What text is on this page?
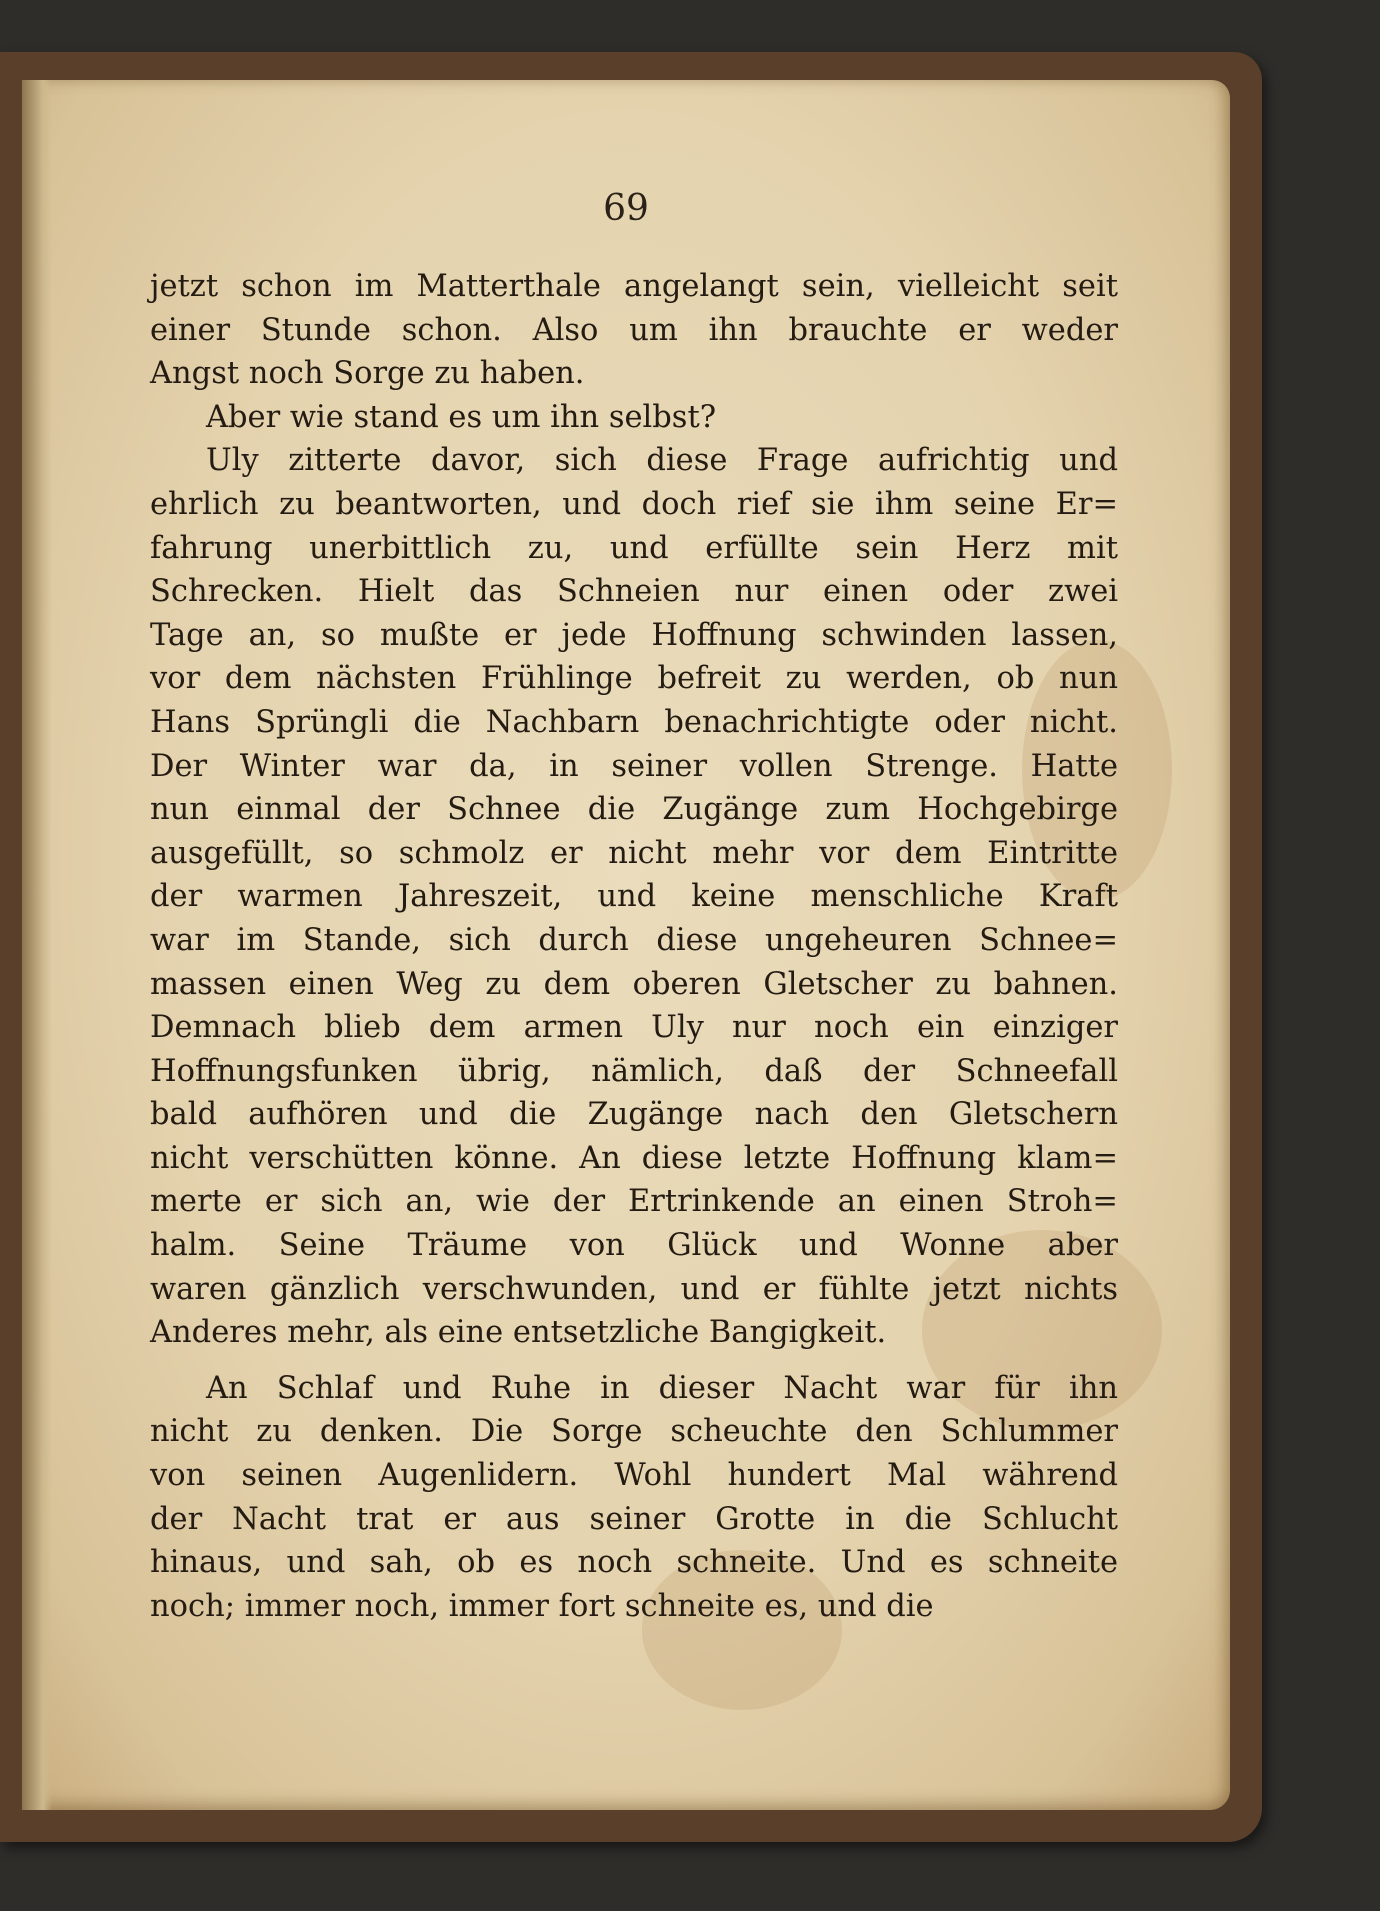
69
jetzt schon im Matterthale angelangt sein, vielleicht seit
einer Stunde schon. Also um ihn brauchte er weder
Angst noch Sorge zu haben.
Aber wie stand es um ihn selbst?
Uly zitterte davor, sich diese Frage aufrichtig und
ehrlich zu beantworten, und doch rief sie ihm seine Er=
fahrung unerbittlich zu, und erfüllte sein Herz mit
Schrecken. Hielt das Schneien nur einen oder zwei
Tage an, so mußte er jede Hoffnung schwinden lassen,
vor dem nächsten Frühlinge befreit zu werden, ob nun
Hans Sprüngli die Nachbarn benachrichtigte oder nicht.
Der Winter war da, in seiner vollen Strenge. Hatte
nun einmal der Schnee die Zugänge zum Hochgebirge
ausgefüllt, so schmolz er nicht mehr vor dem Eintritte
der warmen Jahreszeit, und keine menschliche Kraft
war im Stande, sich durch diese ungeheuren Schnee=
massen einen Weg zu dem oberen Gletscher zu bahnen.
Demnach blieb dem armen Uly nur noch ein einziger
Hoffnungsfunken übrig, nämlich, daß der Schneefall
bald aufhören und die Zugänge nach den Gletschern
nicht verschütten könne. An diese letzte Hoffnung klam=
merte er sich an, wie der Ertrinkende an einen Stroh=
halm. Seine Träume von Glück und Wonne aber
waren gänzlich verschwunden, und er fühlte jetzt nichts
Anderes mehr, als eine entsetzliche Bangigkeit.
An Schlaf und Ruhe in dieser Nacht war für ihn
nicht zu denken. Die Sorge scheuchte den Schlummer
von seinen Augenlidern. Wohl hundert Mal während
der Nacht trat er aus seiner Grotte in die Schlucht
hinaus, und sah, ob es noch schneite. Und es schneite
noch; immer noch, immer fort schneite es, und die
